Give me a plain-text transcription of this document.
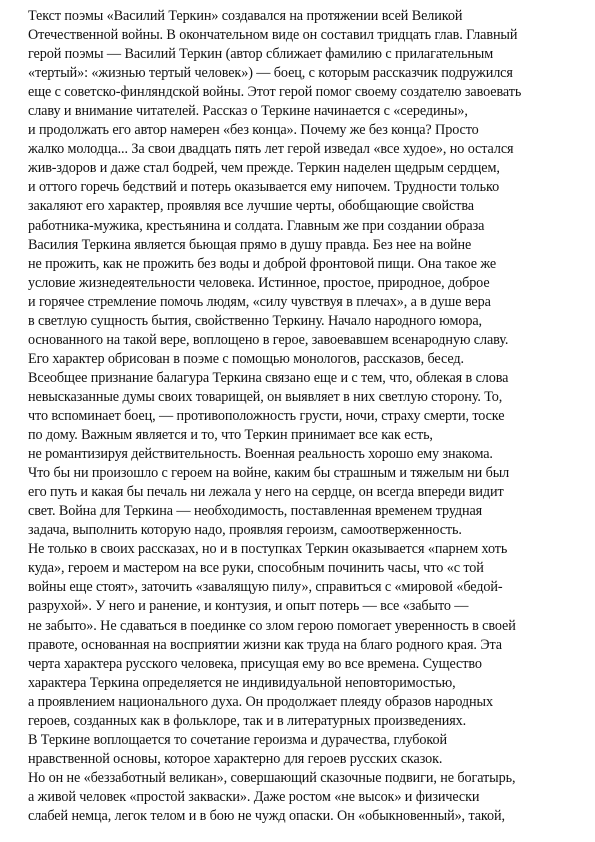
Текст поэмы «Василий Теркин» создавался на протяжении всей Великой
Отечественной войны. В окончательном виде он составил тридцать глав. Главный
герой поэмы — Василий Теркин (автор сближает фамилию с прилагательным
«тертый»: «жизнью тертый человек») — боец, с которым рассказчик подружился
еще с советско-финляндской войны. Этот герой помог своему создателю завоевать
славу и внимание читателей. Рассказ о Теркине начинается с «середины»,
и продолжать его автор намерен «без конца». Почему же без конца? Просто
жалко молодца... За свои двадцать пять лет герой изведал «все худое», но остался
жив-здоров и даже стал бодрей, чем прежде. Теркин наделен щедрым сердцем,
и оттого горечь бедствий и потерь оказывается ему нипочем. Трудности только
закаляют его характер, проявляя все лучшие черты, обобщающие свойства
работника-мужика, крестьянина и солдата. Главным же при создании образа
Василия Теркина является бьющая прямо в душу правда. Без нее на войне
не прожить, как не прожить без воды и доброй фронтовой пищи. Она такое же
условие жизнедеятельности человека. Истинное, простое, природное, доброе
и горячее стремление помочь людям, «силу чувствуя в плечах», а в душе вера
в светлую сущность бытия, свойственно Теркину. Начало народного юмора,
основанного на такой вере, воплощено в герое, завоевавшем всенародную славу.
Его характер обрисован в поэме с помощью монологов, рассказов, бесед.
Всеобщее признание балагура Теркина связано еще и с тем, что, облекая в слова
невысказанные думы своих товарищей, он выявляет в них светлую сторону. То,
что вспоминает боец, — противоположность грусти, ночи, страху смерти, тоске
по дому. Важным является и то, что Теркин принимает все как есть,
не романтизируя действительность. Военная реальность хорошо ему знакома.
Что бы ни произошло с героем на войне, каким бы страшным и тяжелым ни был
его путь и какая бы печаль ни лежала у него на сердце, он всегда впереди видит
свет. Война для Теркина — необходимость, поставленная временем трудная
задача, выполнить которую надо, проявляя героизм, самоотверженность.
Не только в своих рассказах, но и в поступках Теркин оказывается «парнем хоть
куда», героем и мастером на все руки, способным починить часы, что «с той
войны еще стоят», заточить «завалящую пилу», справиться с «мировой «бедой-
разрухой». У него и ранение, и контузия, и опыт потерь — все «забыто —
не забыто». Не сдаваться в поединке со злом герою помогает уверенность в своей
правоте, основанная на восприятии жизни как труда на благо родного края. Эта
черта характера русского человека, присущая ему во все времена. Существо
характера Теркина определяется не индивидуальной неповторимостью,
а проявлением национального духа. Он продолжает плеяду образов народных
героев, созданных как в фольклоре, так и в литературных произведениях.
В Теркине воплощается то сочетание героизма и дурачества, глубокой
нравственной основы, которое характерно для героев русских сказок.
Но он не «беззаботный великан», совершающий сказочные подвиги, не богатырь,
а живой человек «простой закваски». Даже ростом «не высок» и физически
слабей немца, легок телом и в бою не чужд опаски. Он «обыкновенный», такой,
